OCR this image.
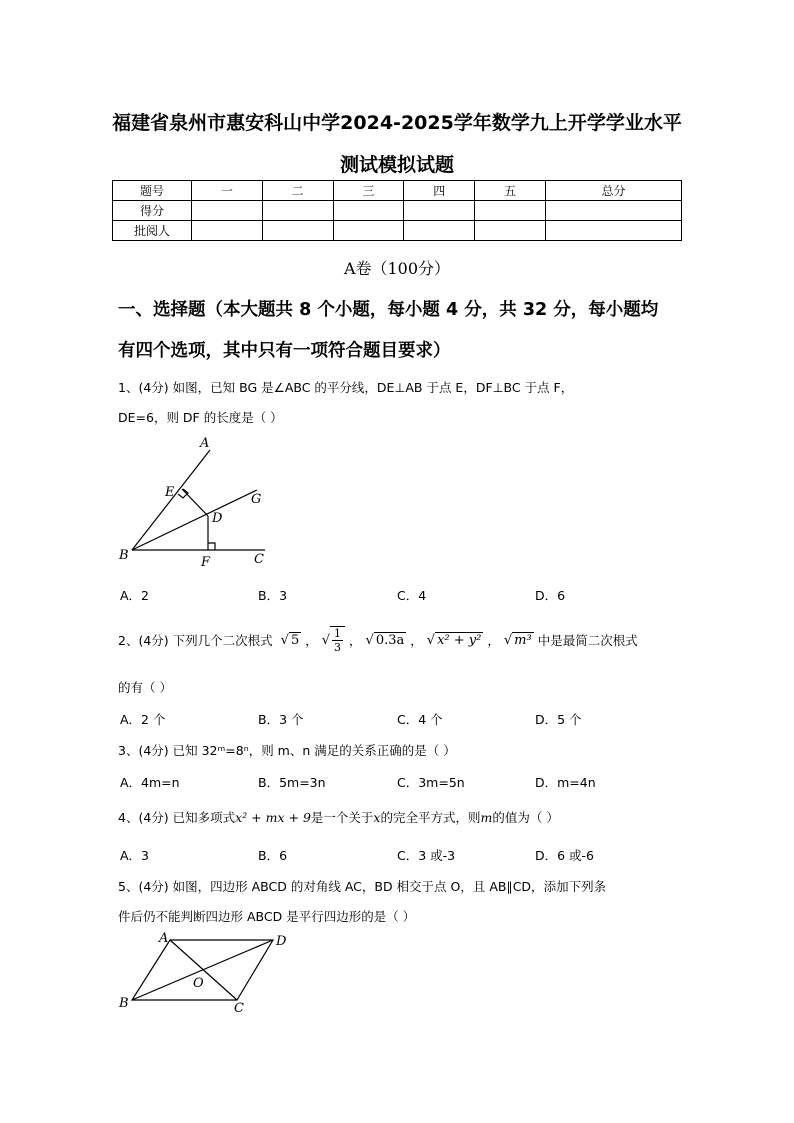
福建省泉州市惠安科山中学2024-2025学年数学九上开学学业水平
测试模拟试题
题号	一	二	三	四	五	总分
得分						
批阅人						
A卷（100分）
一、选择题（本大题共 8 个小题，每小题 4 分，共 32 分，每小题均
有四个选项，其中只有一项符合题目要求）
1、(4分) 如图，已知 BG 是∠ABC 的平分线，DE⊥AB 于点 E，DF⊥BC 于点 F，
DE=6，则 DF 的长度是（ ）
A
E	G
D
B	F	C
A．2	B．3	C．4	D．6
2、(4分) 下列几个二次根式 √ 5 ， √ $\frac{1}{3}$ ， √ 0.3a ， √ x² + y² ， √ m³ 中是最简二次根式
的有（ ）
A．2 个	B．3 个	C．4 个	D．5 个
3、(4分) 已知 32ᵐ=8ⁿ，则 m、n 满足的关系正确的是（ ）
A．4m=n	B．5m=3n	C．3m=5n	D．m=4n
4、(4分) 已知多项式x² + mx + 9是一个关于x的完全平方式，则m的值为（ ）
A．3	B．6	C．3 或-3	D．6 或-6
5、(4分) 如图，四边形 ABCD 的对角线 AC，BD 相交于点 O，且 AB∥CD，添加下列条
件后仍不能判断四边形 ABCD 是平行四边形的是（ ）
A	D
O
B	C
